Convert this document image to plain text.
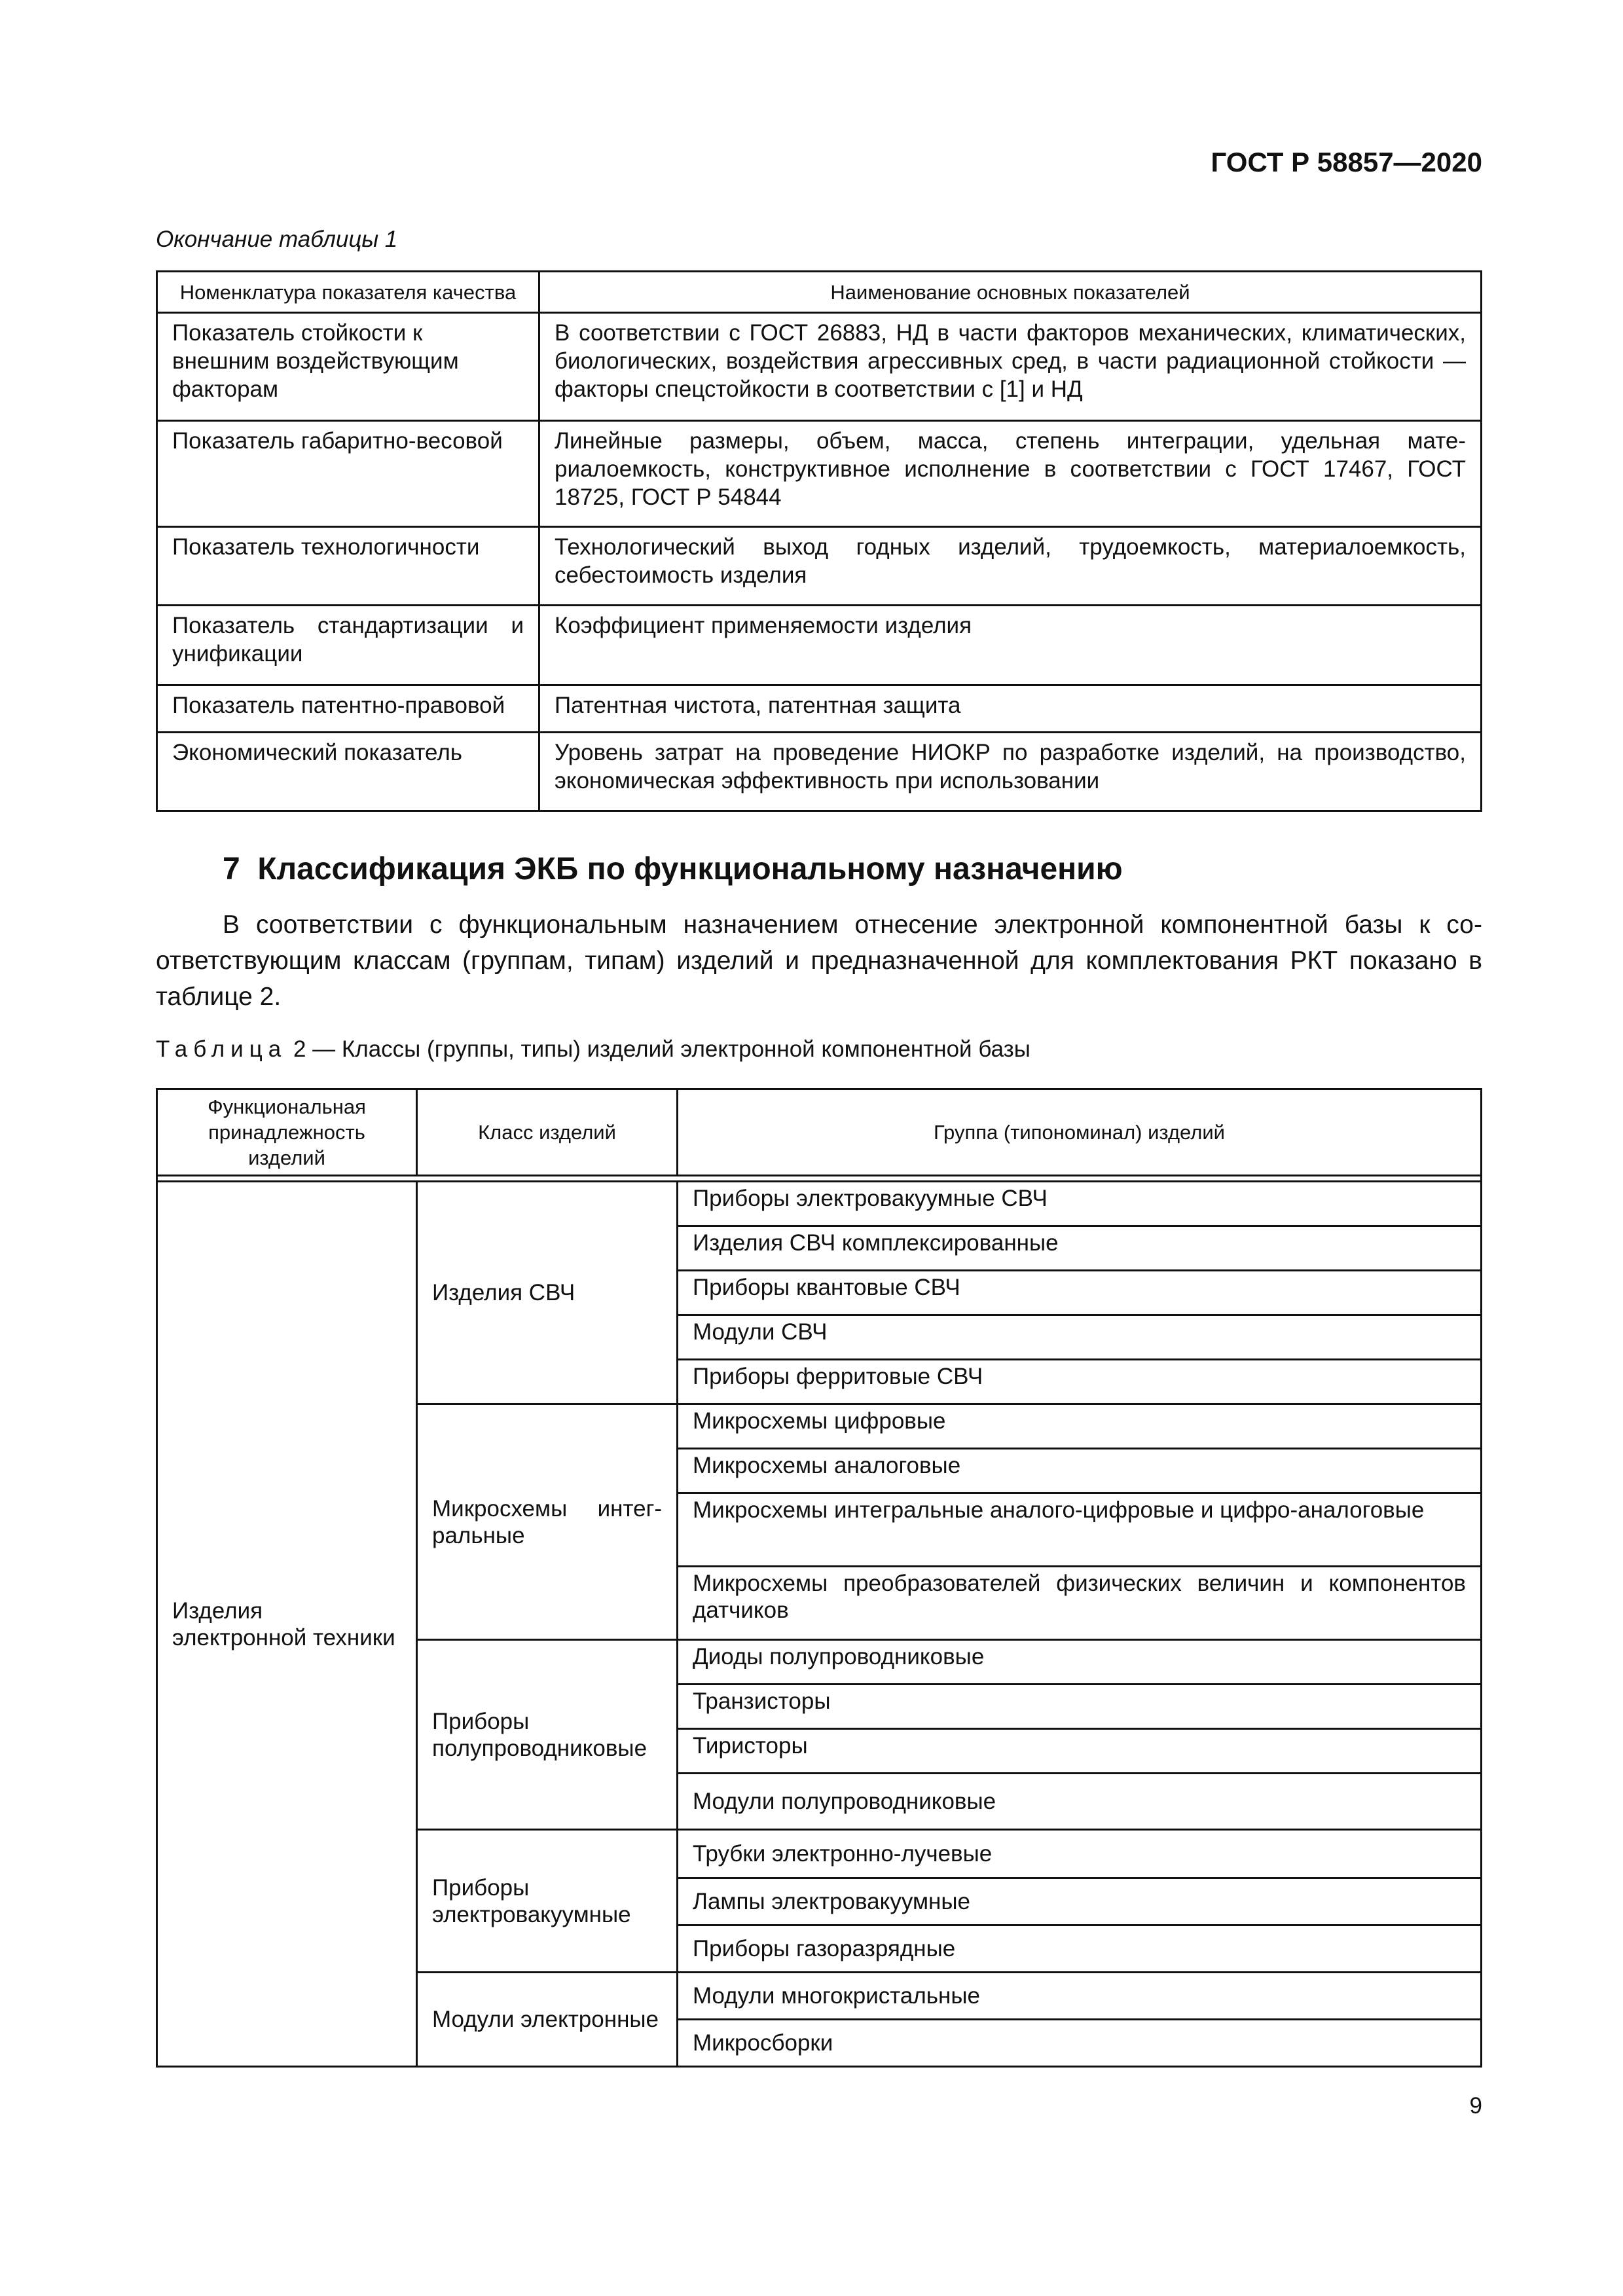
ГОСТ Р 58857—2020
Окончание таблицы 1
Номенклатура показателя качества	Наименование основных показателей
Показатель стойкости к внешним воздействующим факторам	В соответствии с ГОСТ 26883, НД в части факторов механических, климатических, биологических, воздействия агрессивных сред, в части радиационной стойкости — факторы спецстойкости в соответствии с [1] и НД
Показатель габаритно-весовой	Линейные размеры, объем, масса, степень интеграции, удельная материалоемкость, конструктивное исполнение в соответствии с ГОСТ 17467, ГОСТ 18725, ГОСТ Р 54844
Показатель технологичности	Технологический выход годных изделий, трудоемкость, материалоемкость, себестоимость изделия
Показатель стандартизации и унификации	Коэффициент применяемости изделия
Показатель патентно-правовой	Патентная чистота, патентная защита
Экономический показатель	Уровень затрат на проведение НИОКР по разработке изделий, на производство, экономическая эффективность при использовании
7  Классификация ЭКБ по функциональному назначению

В соответствии с функциональным назначением отнесение электронной компонентной базы к соответствующим классам (группам, типам) изделий и предназначенной для комплектования РКТ показано в таблице 2.

Таблица 2 — Классы (группы, типы) изделий электронной компонентной базы
Функциональная принадлежность изделий	Класс изделий	Группа (типономинал) изделий

Изделия электронной техники	Изделия СВЧ	Приборы электровакуумные СВЧ
		Изделия СВЧ комплексированные
		Приборы квантовые СВЧ
		Модули СВЧ
		Приборы ферритовые СВЧ
	Микросхемы интегральные	Микросхемы цифровые
		Микросхемы аналоговые
		Микросхемы интегральные аналого-цифровые и цифро-аналоговые
		Микросхемы преобразователей физических величин и компонентов датчиков
	Приборы полупроводниковые	Диоды полупроводниковые
		Транзисторы
		Тиристоры
		Модули полупроводниковые
	Приборы электровакуумные	Трубки электронно-лучевые
		Лампы электровакуумные
		Приборы газоразрядные
	Модули электронные	Модули многокристальные
		Микросборки
9
